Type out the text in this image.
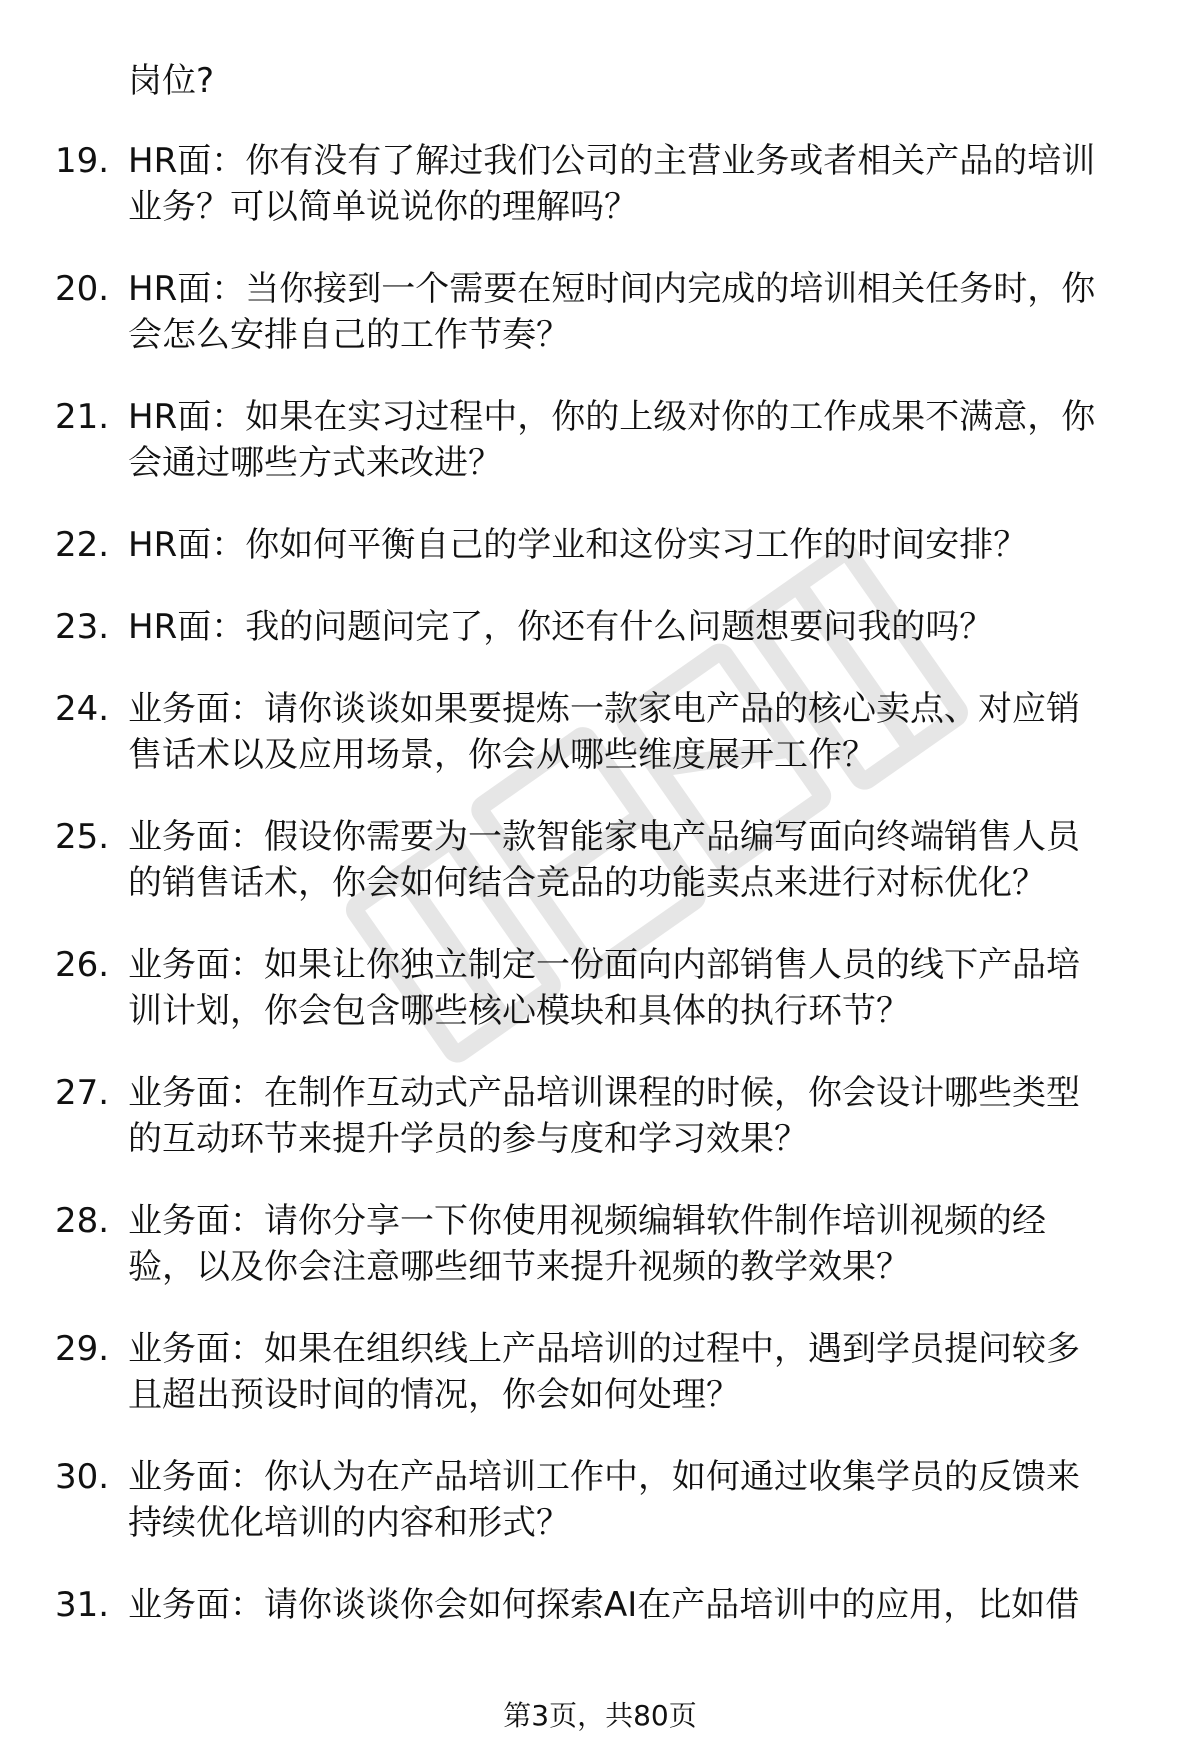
岗位?
19. HR面：你有没有了解过我们公司的主营业务或者相关产品的培训
业务？可以简单说说你的理解吗？
20. HR面：当你接到一个需要在短时间内完成的培训相关任务时，你
会怎么安排自己的工作节奏？
21. HR面：如果在实习过程中，你的上级对你的工作成果不满意，你
会通过哪些方式来改进？
22. HR面：你如何平衡自己的学业和这份实习工作的时间安排？
23. HR面：我的问题问完了，你还有什么问题想要问我的吗？
24. 业务面：请你谈谈如果要提炼一款家电产品的核心卖点、对应销
售话术以及应用场景，你会从哪些维度展开工作？
25. 业务面：假设你需要为一款智能家电产品编写面向终端销售人员
的销售话术，你会如何结合竞品的功能卖点来进行对标优化？
26. 业务面：如果让你独立制定一份面向内部销售人员的线下产品培
训计划，你会包含哪些核心模块和具体的执行环节？
27. 业务面：在制作互动式产品培训课程的时候，你会设计哪些类型
的互动环节来提升学员的参与度和学习效果？
28. 业务面：请你分享一下你使用视频编辑软件制作培训视频的经
验，以及你会注意哪些细节来提升视频的教学效果？
29. 业务面：如果在组织线上产品培训的过程中，遇到学员提问较多
且超出预设时间的情况，你会如何处理？
30. 业务面：你认为在产品培训工作中，如何通过收集学员的反馈来
持续优化培训的内容和形式？
31. 业务面：请你谈谈你会如何探索AI在产品培训中的应用，比如借
第3页，共80页
